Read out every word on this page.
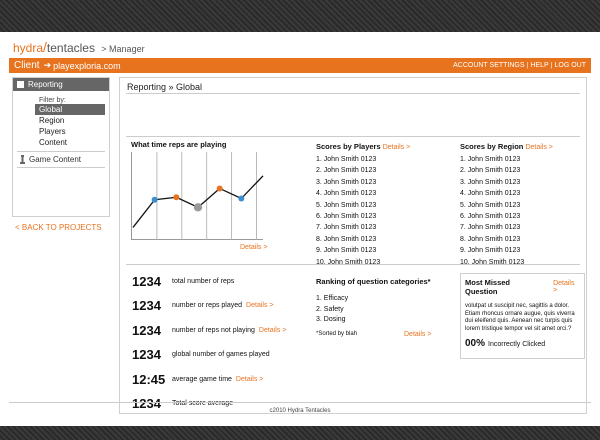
hydra/tentacles > Manager
Client ➔ playexploria.com	ACCOUNT SETTINGS | HELP | LOG OUT
Reporting
Filter by:
Global
Region
Players
Content
Game Content
< BACK TO PROJECTS
Reporting » Global
What time reps are playing
Details >
Scores by Players Details >
1. John Smith 0123
2. John Smith 0123
3. John Smith 0123
4. John Smith 0123
5. John Smith 0123
6. John Smith 0123
7. John Smith 0123
8. John Smith 0123
9. John Smith 0123
10. John Smith 0123
Scores by Region Details >
1. John Smith 0123
2. John Smith 0123
3. John Smith 0123
4. John Smith 0123
5. John Smith 0123
6. John Smith 0123
7. John Smith 0123
8. John Smith 0123
9. John Smith 0123
10. John Smith 0123
1234	total number of reps
1234	number or reps played Details >
1234	number of reps not playing Details >
1234	global number of games played
12:45 average game time Details >
1234	Total score average
Ranking of question categories*
1. Efficacy
2. Safety
3. Dosing
*Sorted by blah	Details >
Most Missed Question
Details >
volutpat ut suscipit nec, sagittis a dolor. Etiam rhoncus ornare augue, quis viverra dui eleifend quis. Aenean nec turpis quis lorem tristique tempor vel sit amet orci.?
00% Incorrectly Clicked
c2010 Hydra Tentacles
